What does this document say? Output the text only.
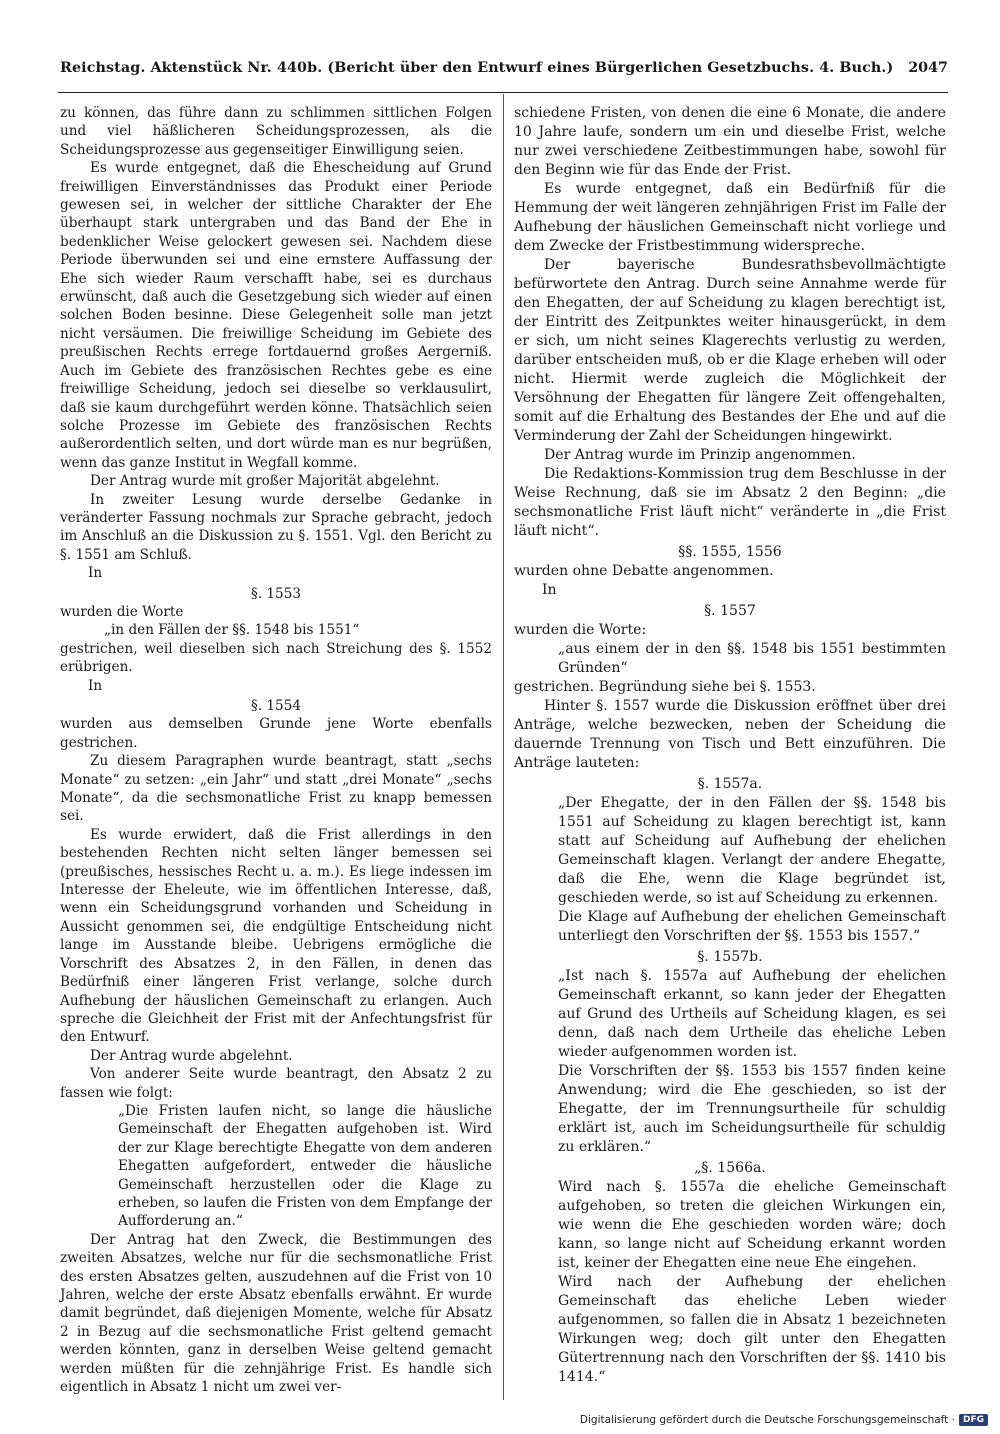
Reichstag. Aktenstück Nr. 440b. (Bericht über den Entwurf eines Bürgerlichen Gesetzbuchs. 4. Buch.) 2047

zu können, das führe dann zu schlimmen sittlichen Folgen und viel häßlicheren Scheidungsprozessen, als die Scheidungsprozesse aus gegenseitiger Einwilligung seien.

Es wurde entgegnet, daß die Ehescheidung auf Grund freiwilligen Einverständnisses das Produkt einer Periode gewesen sei, in welcher der sittliche Charakter der Ehe überhaupt stark untergraben und das Band der Ehe in bedenklicher Weise gelockert gewesen sei. Nachdem diese Periode überwunden sei und eine ernstere Auffassung der Ehe sich wieder Raum verschafft habe, sei es durchaus erwünscht, daß auch die Gesetzgebung sich wieder auf einen solchen Boden besinne. Diese Gelegenheit solle man jetzt nicht versäumen. Die freiwillige Scheidung im Gebiete des preußischen Rechts errege fortdauernd großes Aergerniß. Auch im Gebiete des französischen Rechtes gebe es eine freiwillige Scheidung, jedoch sei dieselbe so verklausulirt, daß sie kaum durchgeführt werden könne. Thatsächlich seien solche Prozesse im Gebiete des französischen Rechts außerordentlich selten, und dort würde man es nur begrüßen, wenn das ganze Institut in Wegfall komme.

Der Antrag wurde mit großer Majorität abgelehnt.

In zweiter Lesung wurde derselbe Gedanke in veränderter Fassung nochmals zur Sprache gebracht, jedoch im Anschluß an die Diskussion zu §. 1551. Vgl. den Bericht zu §. 1551 am Schluß.

In

§. 1553

wurden die Worte

„in den Fällen der §§. 1548 bis 1551“

gestrichen, weil dieselben sich nach Streichung des §. 1552 erübrigen.

In

§. 1554

wurden aus demselben Grunde jene Worte ebenfalls gestrichen.

Zu diesem Paragraphen wurde beantragt, statt „sechs Monate“ zu setzen: „ein Jahr“ und statt „drei Monate“ „sechs Monate“, da die sechsmonatliche Frist zu knapp bemessen sei.

Es wurde erwidert, daß die Frist allerdings in den bestehenden Rechten nicht selten länger bemessen sei (preußisches, hessisches Recht u. a. m.). Es liege indessen im Interesse der Eheleute, wie im öffentlichen Interesse, daß, wenn ein Scheidungsgrund vorhanden und Scheidung in Aussicht genommen sei, die endgültige Entscheidung nicht lange im Ausstande bleibe. Uebrigens ermögliche die Vorschrift des Absatzes 2, in den Fällen, in denen das Bedürfniß einer längeren Frist verlange, solche durch Aufhebung der häuslichen Gemeinschaft zu erlangen. Auch spreche die Gleichheit der Frist mit der Anfechtungsfrist für den Entwurf.

Der Antrag wurde abgelehnt.

Von anderer Seite wurde beantragt, den Absatz 2 zu fassen wie folgt:

„Die Fristen laufen nicht, so lange die häusliche Gemeinschaft der Ehegatten aufgehoben ist. Wird der zur Klage berechtigte Ehegatte von dem anderen Ehegatten aufgefordert, entweder die häusliche Gemeinschaft herzustellen oder die Klage zu erheben, so laufen die Fristen von dem Empfange der Aufforderung an.“

Der Antrag hat den Zweck, die Bestimmungen des zweiten Absatzes, welche nur für die sechsmonatliche Frist des ersten Absatzes gelten, auszudehnen auf die Frist von 10 Jahren, welche der erste Absatz ebenfalls erwähnt. Er wurde damit begründet, daß diejenigen Momente, welche für Absatz 2 in Bezug auf die sechsmonatliche Frist geltend gemacht werden könnten, ganz in derselben Weise geltend gemacht werden müßten für die zehnjährige Frist. Es handle sich eigentlich in Absatz 1 nicht um zwei ver-

schiedene Fristen, von denen die eine 6 Monate, die andere 10 Jahre laufe, sondern um ein und dieselbe Frist, welche nur zwei verschiedene Zeitbestimmungen habe, sowohl für den Beginn wie für das Ende der Frist.

Es wurde entgegnet, daß ein Bedürfniß für die Hemmung der weit längeren zehnjährigen Frist im Falle der Aufhebung der häuslichen Gemeinschaft nicht vorliege und dem Zwecke der Fristbestimmung widerspreche.

Der bayerische Bundesrathsbevollmächtigte befürwortete den Antrag. Durch seine Annahme werde für den Ehegatten, der auf Scheidung zu klagen berechtigt ist, der Eintritt des Zeitpunktes weiter hinausgerückt, in dem er sich, um nicht seines Klagerechts verlustig zu werden, darüber entscheiden muß, ob er die Klage erheben will oder nicht. Hiermit werde zugleich die Möglichkeit der Versöhnung der Ehegatten für längere Zeit offengehalten, somit auf die Erhaltung des Bestandes der Ehe und auf die Verminderung der Zahl der Scheidungen hingewirkt.

Der Antrag wurde im Prinzip angenommen.

Die Redaktions-Kommission trug dem Beschlusse in der Weise Rechnung, daß sie im Absatz 2 den Beginn: „die sechsmonatliche Frist läuft nicht“ veränderte in „die Frist läuft nicht“.

§§. 1555, 1556

wurden ohne Debatte angenommen.

In

§. 1557

wurden die Worte:

„aus einem der in den §§. 1548 bis 1551 bestimmten Gründen“

gestrichen. Begründung siehe bei §. 1553.

Hinter §. 1557 wurde die Diskussion eröffnet über drei Anträge, welche bezwecken, neben der Scheidung die dauernde Trennung von Tisch und Bett einzuführen. Die Anträge lauteten:

§. 1557a.

„Der Ehegatte, der in den Fällen der §§. 1548 bis 1551 auf Scheidung zu klagen berechtigt ist, kann statt auf Scheidung auf Aufhebung der ehelichen Gemeinschaft klagen. Verlangt der andere Ehegatte, daß die Ehe, wenn die Klage begründet ist, geschieden werde, so ist auf Scheidung zu erkennen.

Die Klage auf Aufhebung der ehelichen Gemeinschaft unterliegt den Vorschriften der §§. 1553 bis 1557.“

§. 1557b.

„Ist nach §. 1557a auf Aufhebung der ehelichen Gemeinschaft erkannt, so kann jeder der Ehegatten auf Grund des Urtheils auf Scheidung klagen, es sei denn, daß nach dem Urtheile das eheliche Leben wieder aufgenommen worden ist.

Die Vorschriften der §§. 1553 bis 1557 finden keine Anwendung; wird die Ehe geschieden, so ist der Ehegatte, der im Trennungsurtheile für schuldig erklärt ist, auch im Scheidungsurtheile für schuldig zu erklären.“

„§. 1566a.

Wird nach §. 1557a die eheliche Gemeinschaft aufgehoben, so treten die gleichen Wirkungen ein, wie wenn die Ehe geschieden worden wäre; doch kann, so lange nicht auf Scheidung erkannt worden ist, keiner der Ehegatten eine neue Ehe eingehen.

Wird nach der Aufhebung der ehelichen Gemeinschaft das eheliche Leben wieder aufgenommen, so fallen die in Absatz 1 bezeichneten Wirkungen weg; doch gilt unter den Ehegatten Gütertrennung nach den Vorschriften der §§. 1410 bis 1414.“

Digitalisierung gefördert durch die Deutsche Forschungsgemeinschaft · DFG
